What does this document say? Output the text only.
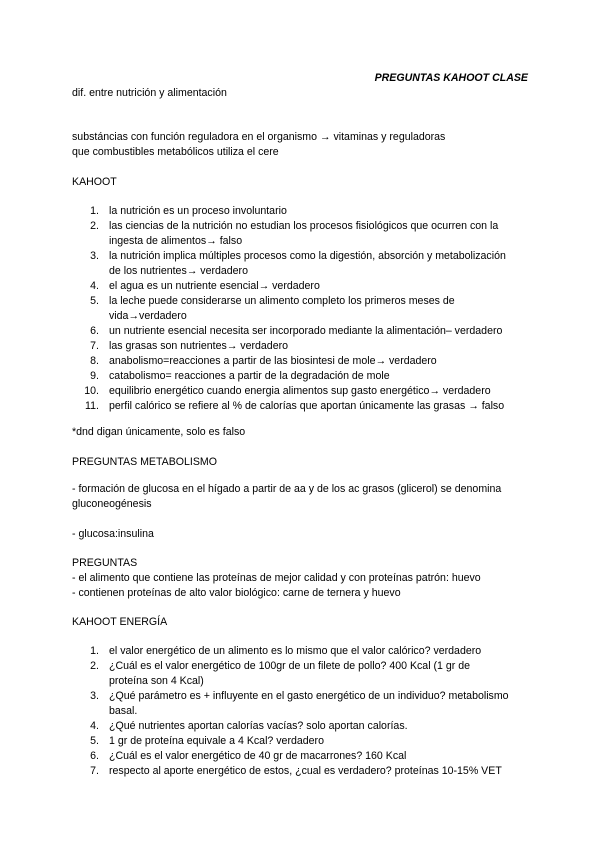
PREGUNTAS KAHOOT CLASE

dif. entre nutrición y alimentación

substáncias con función reguladora en el organismo → vitaminas y reguladoras
que combustibles metabólicos utiliza el cere
KAHOOT
1. la nutrición es un proceso involuntario
2. las ciencias de la nutrición no estudian los procesos fisiológicos que ocurren con la
ingesta de alimentos→ falso
3. la nutrición implica múltiples procesos como la digestión, absorción y metabolización
de los nutrientes→ verdadero
4. el agua es un nutriente esencial→ verdadero
5. la leche puede considerarse un alimento completo los primeros meses de
vida→verdadero
6. un nutriente esencial necesita ser incorporado mediante la alimentación– verdadero
7. las grasas son nutrientes→ verdadero
8. anabolismo=reacciones a partir de las biosintesi de mole→ verdadero
9. catabolismo= reacciones a partir de la degradación de mole
10. equilibrio energético cuando energia alimentos sup gasto energético→ verdadero
11. perfil calórico se refiere al % de calorías que aportan únicamente las grasas → falso

*dnd digan únicamente, solo es falso

PREGUNTAS METABOLISMO
- formación de glucosa en el hígado a partir de aa y de los ac grasos (glicerol) se denomina
gluconeogénesis

- glucosa:insulina

PREGUNTAS
- el alimento que contiene las proteínas de mejor calidad y con proteínas patrón: huevo
- contienen proteínas de alto valor biológico: carne de ternera y huevo
KAHOOT ENERGÍA
1. el valor energético de un alimento es lo mismo que el valor calórico? verdadero
2. ¿Cuál es el valor energético de 100gr de un filete de pollo? 400 Kcal (1 gr de
proteína son 4 Kcal)
3. ¿Qué parámetro es + influyente en el gasto energético de un individuo? metabolismo
basal.
4. ¿Qué nutrientes aportan calorías vacías? solo aportan calorías.
5. 1 gr de proteína equivale a 4 Kcal? verdadero
6. ¿Cuál es el valor energético de 40 gr de macarrones? 160 Kcal
7. respecto al aporte energético de estos, ¿cual es verdadero? proteínas 10-15% VET
